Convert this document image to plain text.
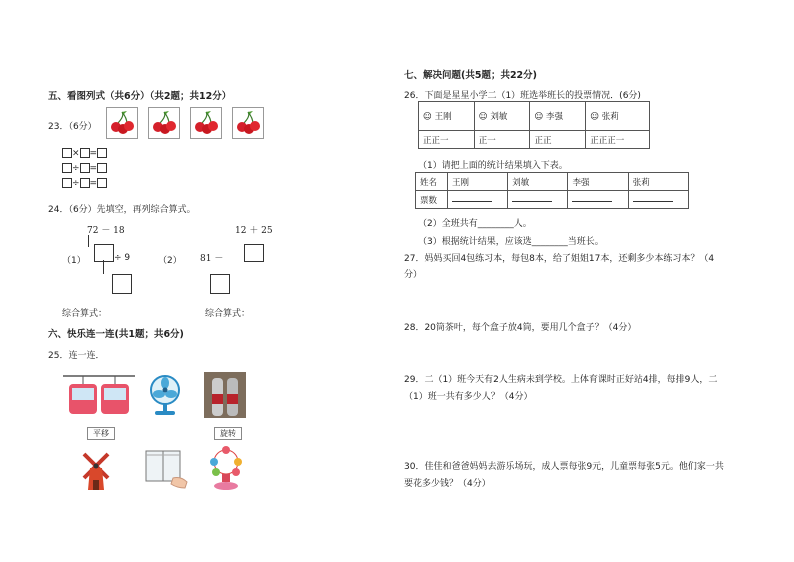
五、看图列式（共6分）（共2题；共12分）
23．（6分）
× =
÷ =
÷ =
24．（6分）先填空，再列综合算式。
72 － 18
（1）	÷ 9
12 ＋ 25
（2） 81 －
综合算式：	综合算式：
六、快乐连一连(共1题；共6分)
25．连一连．
平移	旋转
七、解决问题(共5题；共22分)
26．下面是星星小学二（1）班选举班长的投票情况．(6分)
☺ 王刚	☺ 刘敏	☺ 李强	☺ 张莉
正正一	正一	正正	正正正一
（1）请把上面的统计结果填入下表。
姓名	王刚	刘敏	李强	张莉
票数				
（2）全班共有________人。
（3）根据统计结果，应该选________当班长。
27．妈妈买回4包练习本，每包8本，给了姐姐17本，还剩多少本练习本？（4
分）
28．20筒茶叶，每个盒子放4筒，要用几个盒子？（4分）
29．二（1）班今天有2人生病未到学校。上体育课时正好站4排，每排9人，二
（1）班一共有多少人？（4分）
30．佳佳和爸爸妈妈去游乐场玩，成人票每张9元，儿童票每张5元。他们家一共
要花多少钱？（4分）
